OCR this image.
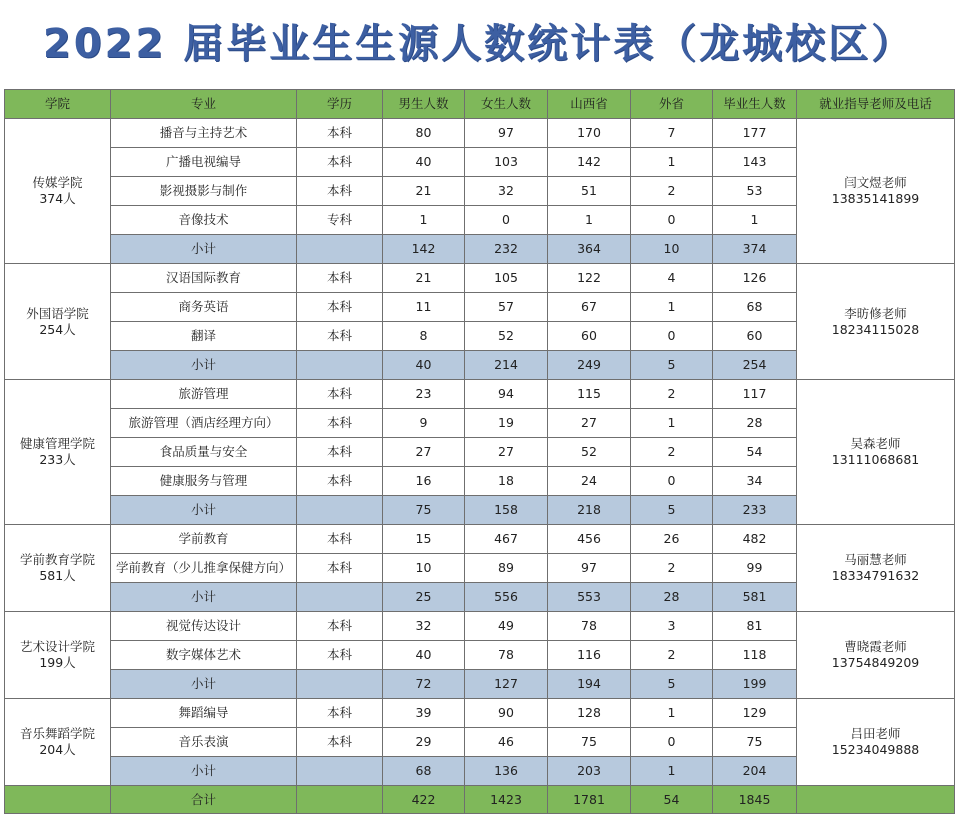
2022 届毕业生生源人数统计表（龙城校区）
学院	专业	学历	男生人数	女生人数	山西省	外省	毕业生人数	就业指导老师及电话

传媒学院
374人	播音与主持艺术	本科	80	97	170	7	177	闫文煜老师
13835141899

	广播电视编导	本科	40	103	142	1	143	
	影视摄影与制作	本科	21	32	51	2	53	
	音像技术	专科	1	0	1	0	1	
	小计		142	232	364	10	374	

外国语学院
254人	汉语国际教育	本科	21	105	122	4	126	李昉修老师
18234115028

	商务英语	本科	11	57	67	1	68	
	翻译	本科	8	52	60	0	60	
	小计		40	214	249	5	254	

健康管理学院
233人	旅游管理	本科	23	94	115	2	117	吴森老师
13111068681

	旅游管理（酒店经理方向）	本科	9	19	27	1	28	
	食品质量与安全	本科	27	27	52	2	54	
	健康服务与管理	本科	16	18	24	0	34	
	小计		75	158	218	5	233	

学前教育学院
581人	学前教育	本科	15	467	456	26	482	马丽慧老师
18334791632

	学前教育（少儿推拿保健方向）	本科	10	89	97	2	99	
	小计		25	556	553	28	581	

艺术设计学院
199人	视觉传达设计	本科	32	49	78	3	81	曹晓霞老师
13754849209

	数字媒体艺术	本科	40	78	116	2	118	
	小计		72	127	194	5	199	

音乐舞蹈学院
204人	舞蹈编导	本科	39	90	128	1	129	吕田老师
15234049888

	音乐表演	本科	29	46	75	0	75	
	小计		68	136	203	1	204	
	合计		422	1423	1781	54	1845	
